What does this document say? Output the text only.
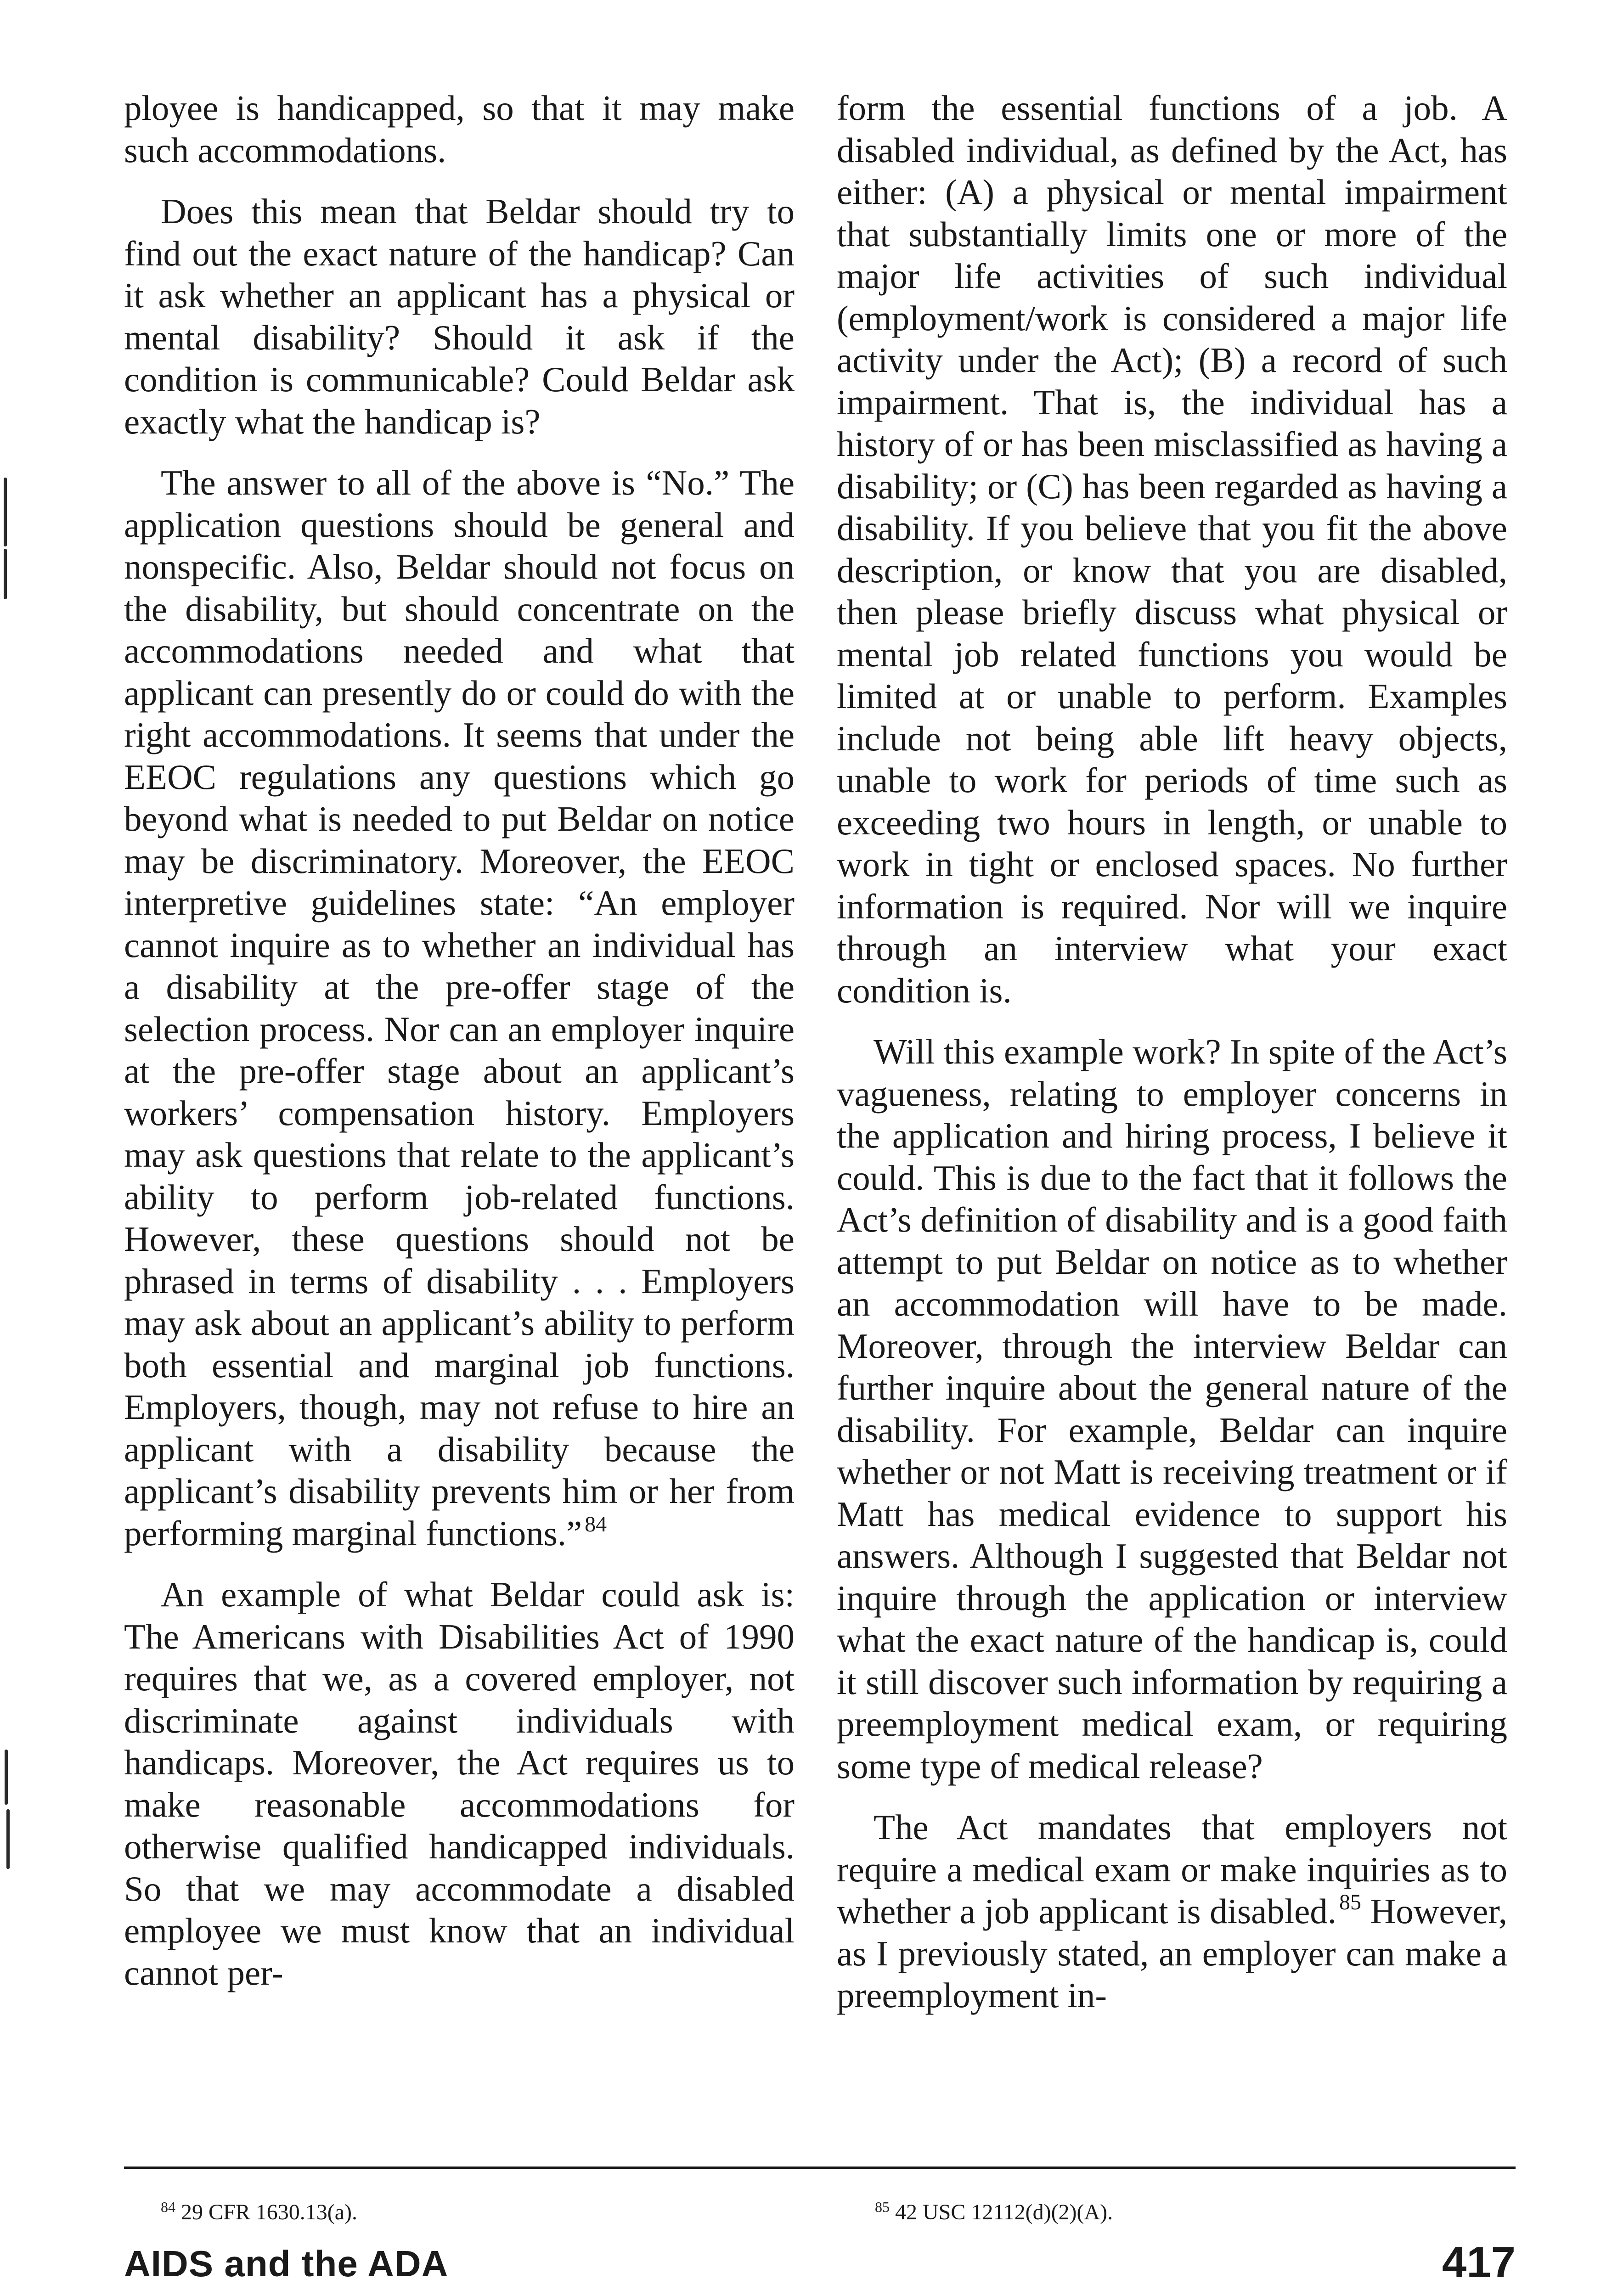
ployee is handicapped, so that it may make such accommodations.

Does this mean that Beldar should try to find out the exact nature of the handicap? Can it ask whether an applicant has a physical or mental disability? Should it ask if the condition is communicable? Could Beldar ask exactly what the handicap is?

The answer to all of the above is “No.” The application questions should be general and nonspecific. Also, Beldar should not focus on the disability, but should concentrate on the accommodations needed and what that applicant can presently do or could do with the right accommodations. It seems that under the EEOC regulations any questions which go beyond what is needed to put Beldar on notice may be discriminatory. Moreover, the EEOC interpretive guidelines state: “An employer cannot inquire as to whether an individual has a disability at the pre-offer stage of the selection process. Nor can an employer inquire at the pre-offer stage about an applicant’s workers’ compensation history. Employers may ask questions that relate to the applicant’s ability to perform job-related functions. However, these questions should not be phrased in terms of disability . . . Employers may ask about an applicant’s ability to perform both essential and marginal job functions. Employers, though, may not refuse to hire an applicant with a disability because the applicant’s disability prevents him or her from performing marginal functions.” $^{84}$

An example of what Beldar could ask is: The Americans with Disabilities Act of 1990 requires that we, as a covered employer, not discriminate against individuals with handicaps. Moreover, the Act requires us to make reasonable accommodations for otherwise qualified handicapped individuals. So that we may accommodate a disabled employee we must know that an individual cannot per-

form the essential functions of a job. A disabled individual, as defined by the Act, has either: (A) a physical or mental impairment that substantially limits one or more of the major life activities of such individual (employment/work is considered a major life activity under the Act); (B) a record of such impairment. That is, the individual has a history of or has been misclassified as having a disability; or (C) has been regarded as having a disability. If you believe that you fit the above description, or know that you are disabled, then please briefly discuss what physical or mental job related functions you would be limited at or unable to perform. Examples include not being able lift heavy objects, unable to work for periods of time such as exceeding two hours in length, or unable to work in tight or enclosed spaces. No further information is required. Nor will we inquire through an interview what your exact condition is.

Will this example work? In spite of the Act’s vagueness, relating to employer concerns in the application and hiring process, I believe it could. This is due to the fact that it follows the Act’s definition of disability and is a good faith attempt to put Beldar on notice as to whether an accommodation will have to be made. Moreover, through the interview Beldar can further inquire about the general nature of the disability. For example, Beldar can inquire whether or not Matt is receiving treatment or if Matt has medical evidence to support his answers. Although I suggested that Beldar not inquire through the application or interview what the exact nature of the handicap is, could it still discover such information by requiring a preemployment medical exam, or requiring some type of medical release?

The Act mandates that employers not require a medical exam or make inquiries as to whether a job applicant is disabled. $^{85}$ However, as I previously stated, an employer can make a preemployment in-

$^{84}$ 29 CFR 1630.13(a).	$^{85}$ 42 USC 12112(d)(2)(A).
AIDS and the ADA	417
